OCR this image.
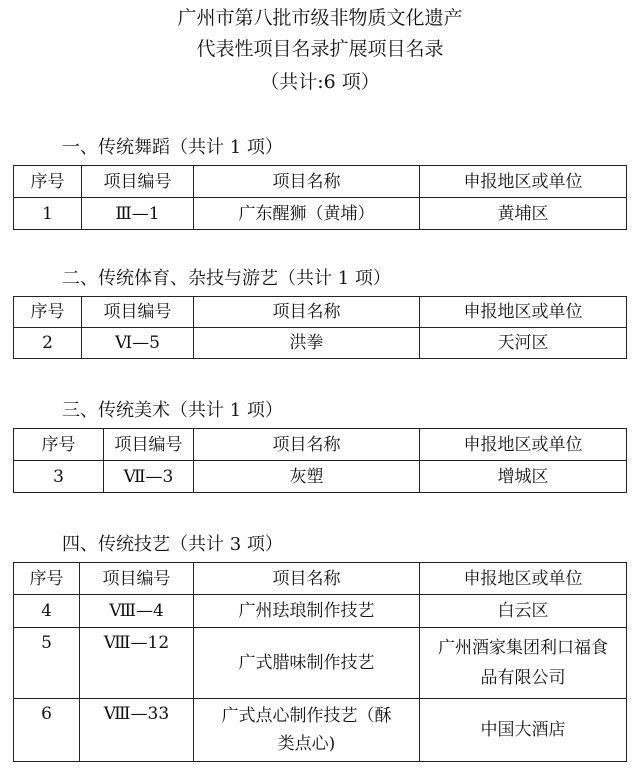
广州市第八批市级非物质文化遗产
代表性项目名录扩展项目名录
（共计:6 项）
一、传统舞蹈（共计 1 项）
序号	项目编号	项目名称	申报地区或单位
1	Ⅲ—1	广东醒狮（黄埔）	黄埔区
二、传统体育、杂技与游艺（共计 1 项）
序号	项目编号	项目名称	申报地区或单位
2	Ⅵ—5	洪拳	天河区
三、传统美术（共计 1 项）
序号	项目编号	项目名称	申报地区或单位
3	Ⅶ—3	灰塑	增城区
四、传统技艺（共计 3 项）
序号	项目编号	项目名称	申报地区或单位
4	Ⅷ—4	广州珐琅制作技艺	白云区
5	Ⅷ—12	广式腊味制作技艺	广州酒家集团利口福食品有限公司
6	Ⅷ—33	广式点心制作技艺（酥类点心)	中国大酒店
